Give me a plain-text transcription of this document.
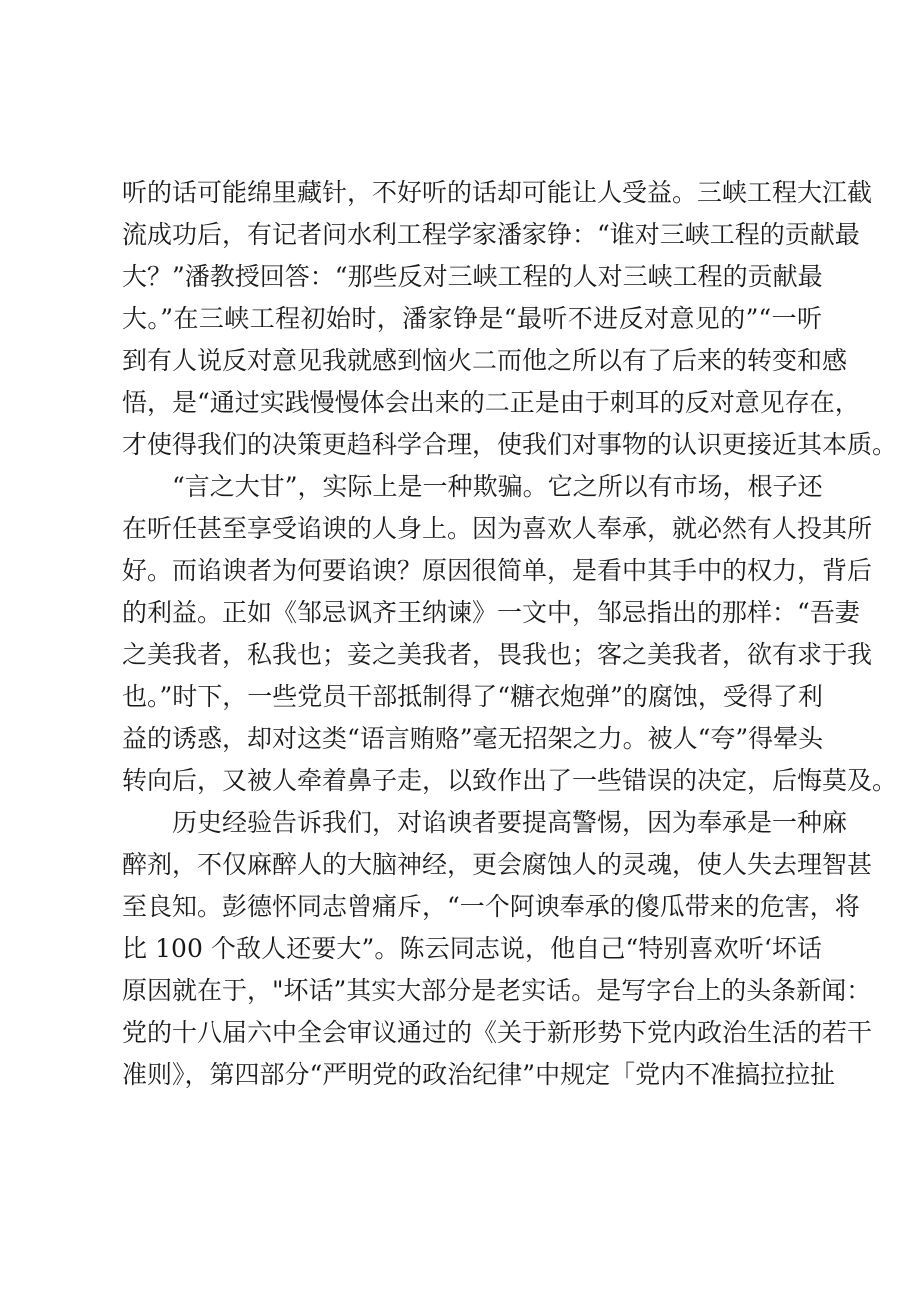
听的话可能绵里藏针，不好听的话却可能让人受益。三峡工程大江截
流成功后，有记者问水利工程学家潘家铮：“谁对三峡工程的贡献最
大？”潘教授回答：“那些反对三峡工程的人对三峡工程的贡献最
大。”在三峡工程初始时，潘家铮是“最听不进反对意见的”“一听
到有人说反对意见我就感到恼火二而他之所以有了后来的转变和感
悟，是“通过实践慢慢体会出来的二正是由于刺耳的反对意见存在，
才使得我们的决策更趋科学合理，使我们对事物的认识更接近其本质。
“言之大甘”，实际上是一种欺骗。它之所以有市场，根子还
在听任甚至享受谄谀的人身上。因为喜欢人奉承，就必然有人投其所
好。而谄谀者为何要谄谀？原因很简单，是看中其手中的权力，背后
的利益。正如《邹忌讽齐王纳谏》一文中，邹忌指出的那样：“吾妻
之美我者，私我也；妾之美我者，畏我也；客之美我者，欲有求于我
也。”时下，一些党员干部抵制得了“糖衣炮弹”的腐蚀，受得了利
益的诱惑，却对这类“语言贿赂”毫无招架之力。被人“夸”得晕头
转向后，又被人牵着鼻子走，以致作出了一些错误的决定，后悔莫及。
历史经验告诉我们，对谄谀者要提高警惕，因为奉承是一种麻
醉剂，不仅麻醉人的大脑神经，更会腐蚀人的灵魂，使人失去理智甚
至良知。彭德怀同志曾痛斥，“一个阿谀奉承的傻瓜带来的危害，将
比 100 个敌人还要大”。陈云同志说，他自己“特别喜欢听‘坏话
原因就在于，"坏话”其实大部分是老实话。是写字台上的头条新闻：
党的十八届六中全会审议通过的《关于新形势下党内政治生活的若干
准则》，第四部分“严明党的政治纪律”中规定「党内不准搞拉拉扯
